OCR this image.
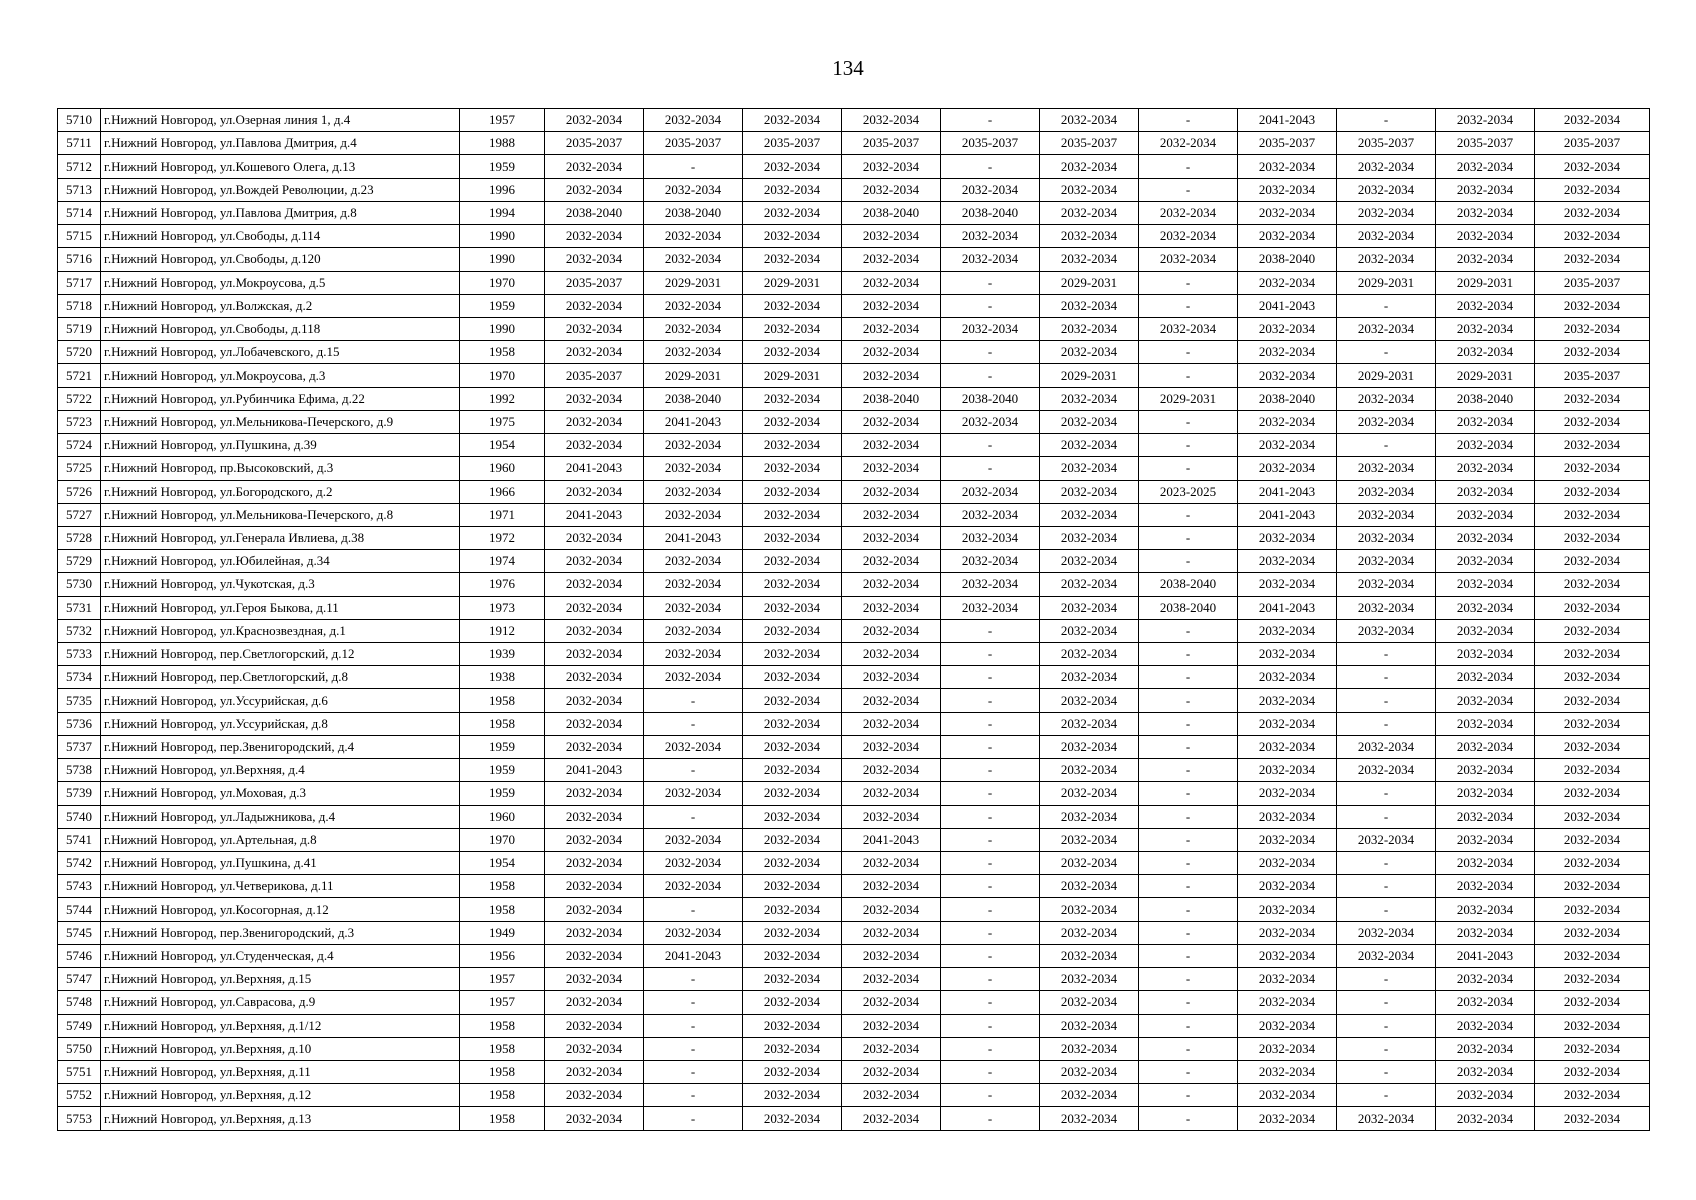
134
5710	г.Нижний Новгород, ул.Озерная линия 1, д.4	1957	2032-2034	2032-2034	2032-2034	2032-2034	-	2032-2034	-	2041-2043	-	2032-2034	2032-2034
5711	г.Нижний Новгород, ул.Павлова Дмитрия, д.4	1988	2035-2037	2035-2037	2035-2037	2035-2037	2035-2037	2035-2037	2032-2034	2035-2037	2035-2037	2035-2037	2035-2037
5712	г.Нижний Новгород, ул.Кошевого Олега, д.13	1959	2032-2034	-	2032-2034	2032-2034	-	2032-2034	-	2032-2034	2032-2034	2032-2034	2032-2034
5713	г.Нижний Новгород, ул.Вождей Революции, д.23	1996	2032-2034	2032-2034	2032-2034	2032-2034	2032-2034	2032-2034	-	2032-2034	2032-2034	2032-2034	2032-2034
5714	г.Нижний Новгород, ул.Павлова Дмитрия, д.8	1994	2038-2040	2038-2040	2032-2034	2038-2040	2038-2040	2032-2034	2032-2034	2032-2034	2032-2034	2032-2034	2032-2034
5715	г.Нижний Новгород, ул.Свободы, д.114	1990	2032-2034	2032-2034	2032-2034	2032-2034	2032-2034	2032-2034	2032-2034	2032-2034	2032-2034	2032-2034	2032-2034
5716	г.Нижний Новгород, ул.Свободы, д.120	1990	2032-2034	2032-2034	2032-2034	2032-2034	2032-2034	2032-2034	2032-2034	2038-2040	2032-2034	2032-2034	2032-2034
5717	г.Нижний Новгород, ул.Мокроусова, д.5	1970	2035-2037	2029-2031	2029-2031	2032-2034	-	2029-2031	-	2032-2034	2029-2031	2029-2031	2035-2037
5718	г.Нижний Новгород, ул.Волжская, д.2	1959	2032-2034	2032-2034	2032-2034	2032-2034	-	2032-2034	-	2041-2043	-	2032-2034	2032-2034
5719	г.Нижний Новгород, ул.Свободы, д.118	1990	2032-2034	2032-2034	2032-2034	2032-2034	2032-2034	2032-2034	2032-2034	2032-2034	2032-2034	2032-2034	2032-2034
5720	г.Нижний Новгород, ул.Лобачевского, д.15	1958	2032-2034	2032-2034	2032-2034	2032-2034	-	2032-2034	-	2032-2034	-	2032-2034	2032-2034
5721	г.Нижний Новгород, ул.Мокроусова, д.3	1970	2035-2037	2029-2031	2029-2031	2032-2034	-	2029-2031	-	2032-2034	2029-2031	2029-2031	2035-2037
5722	г.Нижний Новгород, ул.Рубинчика Ефима, д.22	1992	2032-2034	2038-2040	2032-2034	2038-2040	2038-2040	2032-2034	2029-2031	2038-2040	2032-2034	2038-2040	2032-2034
5723	г.Нижний Новгород, ул.Мельникова-Печерского, д.9	1975	2032-2034	2041-2043	2032-2034	2032-2034	2032-2034	2032-2034	-	2032-2034	2032-2034	2032-2034	2032-2034
5724	г.Нижний Новгород, ул.Пушкина, д.39	1954	2032-2034	2032-2034	2032-2034	2032-2034	-	2032-2034	-	2032-2034	-	2032-2034	2032-2034
5725	г.Нижний Новгород, пр.Высоковский, д.3	1960	2041-2043	2032-2034	2032-2034	2032-2034	-	2032-2034	-	2032-2034	2032-2034	2032-2034	2032-2034
5726	г.Нижний Новгород, ул.Богородского, д.2	1966	2032-2034	2032-2034	2032-2034	2032-2034	2032-2034	2032-2034	2023-2025	2041-2043	2032-2034	2032-2034	2032-2034
5727	г.Нижний Новгород, ул.Мельникова-Печерского, д.8	1971	2041-2043	2032-2034	2032-2034	2032-2034	2032-2034	2032-2034	-	2041-2043	2032-2034	2032-2034	2032-2034
5728	г.Нижний Новгород, ул.Генерала Ивлиева, д.38	1972	2032-2034	2041-2043	2032-2034	2032-2034	2032-2034	2032-2034	-	2032-2034	2032-2034	2032-2034	2032-2034
5729	г.Нижний Новгород, ул.Юбилейная, д.34	1974	2032-2034	2032-2034	2032-2034	2032-2034	2032-2034	2032-2034	-	2032-2034	2032-2034	2032-2034	2032-2034
5730	г.Нижний Новгород, ул.Чукотская, д.3	1976	2032-2034	2032-2034	2032-2034	2032-2034	2032-2034	2032-2034	2038-2040	2032-2034	2032-2034	2032-2034	2032-2034
5731	г.Нижний Новгород, ул.Героя Быкова, д.11	1973	2032-2034	2032-2034	2032-2034	2032-2034	2032-2034	2032-2034	2038-2040	2041-2043	2032-2034	2032-2034	2032-2034
5732	г.Нижний Новгород, ул.Краснозвездная, д.1	1912	2032-2034	2032-2034	2032-2034	2032-2034	-	2032-2034	-	2032-2034	2032-2034	2032-2034	2032-2034
5733	г.Нижний Новгород, пер.Светлогорский, д.12	1939	2032-2034	2032-2034	2032-2034	2032-2034	-	2032-2034	-	2032-2034	-	2032-2034	2032-2034
5734	г.Нижний Новгород, пер.Светлогорский, д.8	1938	2032-2034	2032-2034	2032-2034	2032-2034	-	2032-2034	-	2032-2034	-	2032-2034	2032-2034
5735	г.Нижний Новгород, ул.Уссурийская, д.6	1958	2032-2034	-	2032-2034	2032-2034	-	2032-2034	-	2032-2034	-	2032-2034	2032-2034
5736	г.Нижний Новгород, ул.Уссурийская, д.8	1958	2032-2034	-	2032-2034	2032-2034	-	2032-2034	-	2032-2034	-	2032-2034	2032-2034
5737	г.Нижний Новгород, пер.Звенигородский, д.4	1959	2032-2034	2032-2034	2032-2034	2032-2034	-	2032-2034	-	2032-2034	2032-2034	2032-2034	2032-2034
5738	г.Нижний Новгород, ул.Верхняя, д.4	1959	2041-2043	-	2032-2034	2032-2034	-	2032-2034	-	2032-2034	2032-2034	2032-2034	2032-2034
5739	г.Нижний Новгород, ул.Моховая, д.3	1959	2032-2034	2032-2034	2032-2034	2032-2034	-	2032-2034	-	2032-2034	-	2032-2034	2032-2034
5740	г.Нижний Новгород, ул.Ладыжникова, д.4	1960	2032-2034	-	2032-2034	2032-2034	-	2032-2034	-	2032-2034	-	2032-2034	2032-2034
5741	г.Нижний Новгород, ул.Артельная, д.8	1970	2032-2034	2032-2034	2032-2034	2041-2043	-	2032-2034	-	2032-2034	2032-2034	2032-2034	2032-2034
5742	г.Нижний Новгород, ул.Пушкина, д.41	1954	2032-2034	2032-2034	2032-2034	2032-2034	-	2032-2034	-	2032-2034	-	2032-2034	2032-2034
5743	г.Нижний Новгород, ул.Четверикова, д.11	1958	2032-2034	2032-2034	2032-2034	2032-2034	-	2032-2034	-	2032-2034	-	2032-2034	2032-2034
5744	г.Нижний Новгород, ул.Косогорная, д.12	1958	2032-2034	-	2032-2034	2032-2034	-	2032-2034	-	2032-2034	-	2032-2034	2032-2034
5745	г.Нижний Новгород, пер.Звенигородский, д.3	1949	2032-2034	2032-2034	2032-2034	2032-2034	-	2032-2034	-	2032-2034	2032-2034	2032-2034	2032-2034
5746	г.Нижний Новгород, ул.Студенческая, д.4	1956	2032-2034	2041-2043	2032-2034	2032-2034	-	2032-2034	-	2032-2034	2032-2034	2041-2043	2032-2034
5747	г.Нижний Новгород, ул.Верхняя, д.15	1957	2032-2034	-	2032-2034	2032-2034	-	2032-2034	-	2032-2034	-	2032-2034	2032-2034
5748	г.Нижний Новгород, ул.Саврасова, д.9	1957	2032-2034	-	2032-2034	2032-2034	-	2032-2034	-	2032-2034	-	2032-2034	2032-2034
5749	г.Нижний Новгород, ул.Верхняя, д.1/12	1958	2032-2034	-	2032-2034	2032-2034	-	2032-2034	-	2032-2034	-	2032-2034	2032-2034
5750	г.Нижний Новгород, ул.Верхняя, д.10	1958	2032-2034	-	2032-2034	2032-2034	-	2032-2034	-	2032-2034	-	2032-2034	2032-2034
5751	г.Нижний Новгород, ул.Верхняя, д.11	1958	2032-2034	-	2032-2034	2032-2034	-	2032-2034	-	2032-2034	-	2032-2034	2032-2034
5752	г.Нижний Новгород, ул.Верхняя, д.12	1958	2032-2034	-	2032-2034	2032-2034	-	2032-2034	-	2032-2034	-	2032-2034	2032-2034
5753	г.Нижний Новгород, ул.Верхняя, д.13	1958	2032-2034	-	2032-2034	2032-2034	-	2032-2034	-	2032-2034	2032-2034	2032-2034	2032-2034
